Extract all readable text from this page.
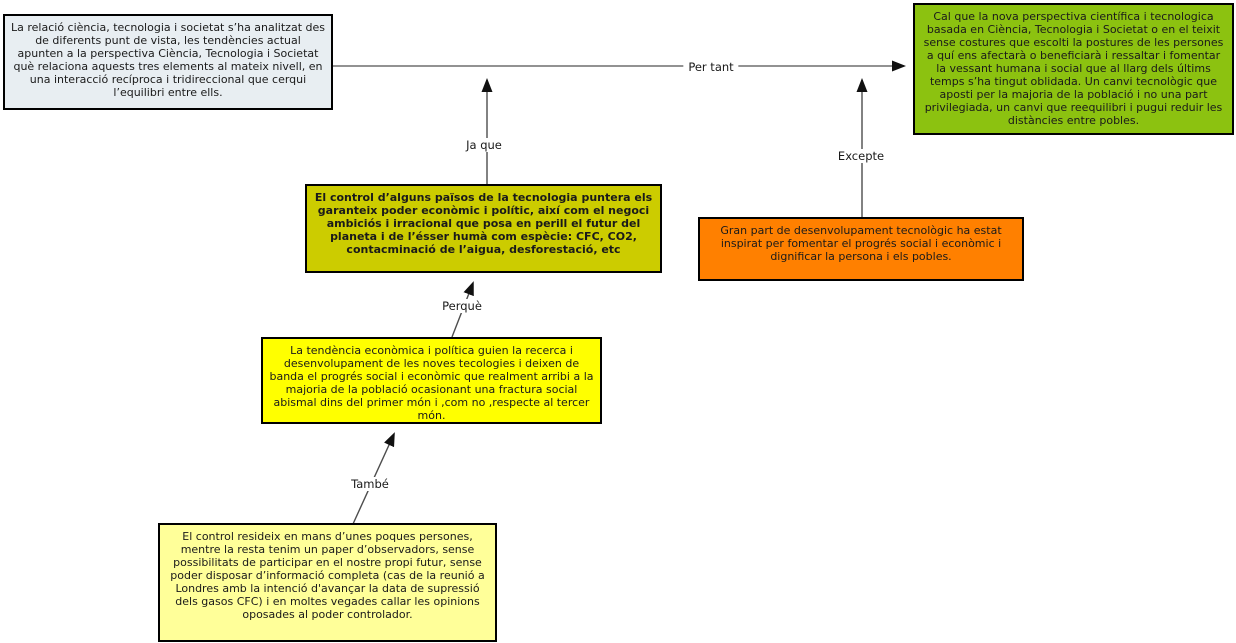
La relació ciència, tecnologia i societat s’ha analitzat des de diferents punt de vista, les tendències actual apunten a la perspectiva Ciència, Tecnologia i Societat què relaciona aquests tres elements al mateix nivell, en una interacció recíproca i tridireccional que cerqui l’equilibri entre ells.
Cal que la nova perspectiva científica i tecnologica basada en Ciència, Tecnologia i Societat o en el teixit sense costures que escolti la postures de les persones a quí ens afectarà o beneficiarà i ressaltar i fomentar la vessant humana i social que al llarg dels últims temps s’ha tingut oblidada. Un canvi tecnològic que aposti per la majoria de la població i no una part privilegiada, un canvi que reequilibri i pugui reduir les distàncies entre pobles.
El control d’alguns països de la tecnologia puntera els garanteix poder econòmic i polític, així com el negoci ambiciós i irracional que posa en perill el futur del planeta i de l’ésser humà com espècie: CFC, CO2, contacminació de l’aigua, desforestació, etc
Gran part de desenvolupament tecnològic ha estat inspirat per fomentar el progrés social i econòmic i dignificar la persona i els pobles.
La tendència econòmica i política guien la recerca i desenvolupament de les noves tecologies i deixen de banda el progrés social i econòmic que realment arribi a la majoria de la població ocasionant una fractura social abismal dins del primer món i ,com no ,respecte al tercer món.
El control resideix en mans d’unes poques persones, mentre la resta tenim un paper d’observadors, sense possibilitats de participar en el nostre propi futur, sense poder disposar d’informació completa (cas de la reunió a Londres amb la intenció d'avançar la data de supressió dels gasos CFC) i en moltes vegades callar les opinions oposades al poder controlador.
Per tant
Ja que
Excepte
Perquè
També
